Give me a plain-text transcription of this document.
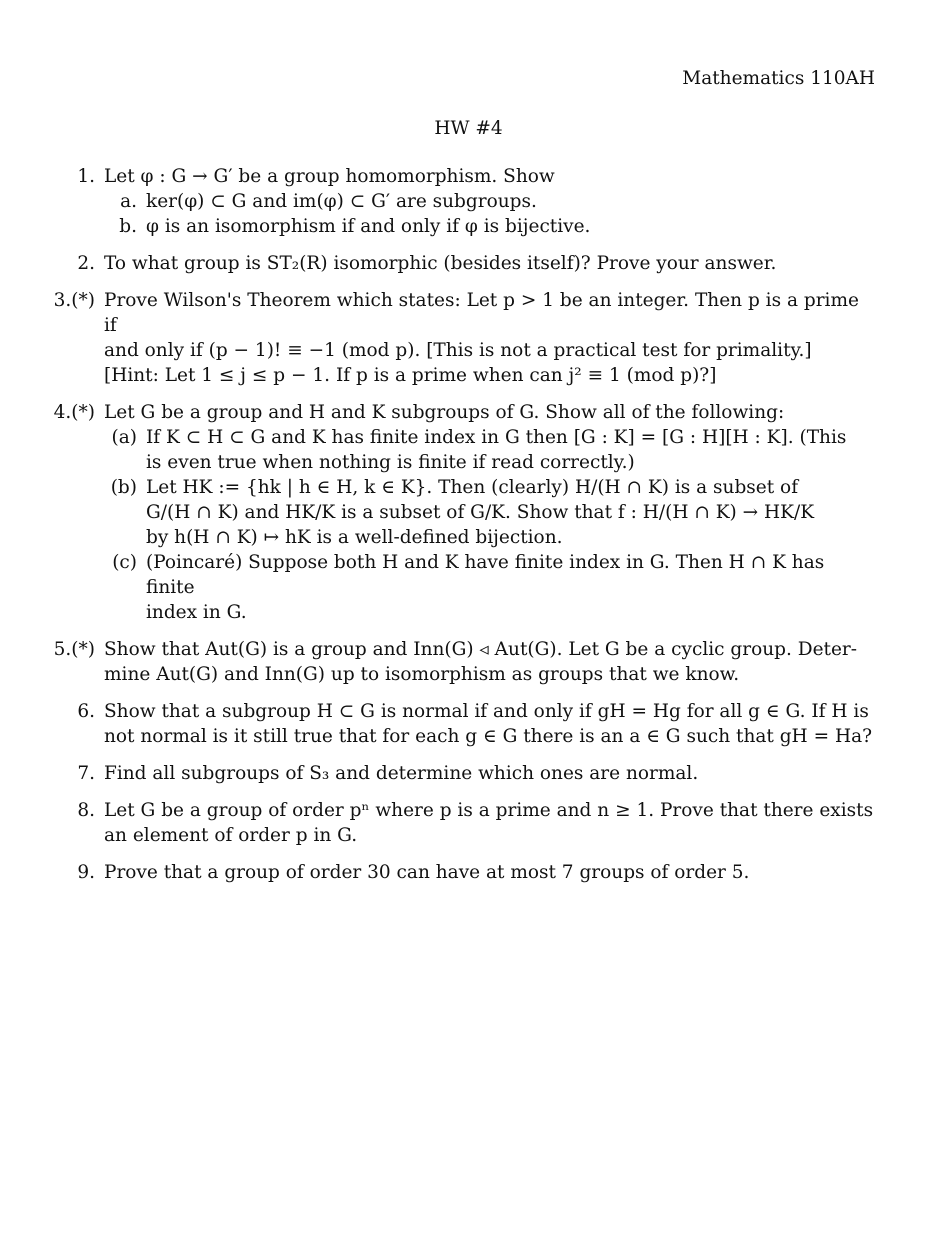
Mathematics 110AH
HW #4
1. Let φ : G → G′ be a group homomorphism. Show
a. ker(φ) ⊂ G and im(φ) ⊂ G′ are subgroups.
b. φ is an isomorphism if and only if φ is bijective.
2. To what group is ST₂(R) isomorphic (besides itself)? Prove your answer.
3.(*) Prove Wilson's Theorem which states: Let p > 1 be an integer. Then p is a prime if
and only if (p − 1)! ≡ −1 (mod p). [This is not a practical test for primality.]
[Hint: Let 1 ≤ j ≤ p − 1. If p is a prime when can j² ≡ 1 (mod p)?]
4.(*) Let G be a group and H and K subgroups of G. Show all of the following:
(a) If K ⊂ H ⊂ G and K has finite index in G then [G : K] = [G : H][H : K]. (This
is even true when nothing is finite if read correctly.)
(b) Let HK := {hk | h ∈ H, k ∈ K}. Then (clearly) H/(H ∩ K) is a subset of
G/(H ∩ K) and HK/K is a subset of G/K. Show that f : H/(H ∩ K) → HK/K
by h(H ∩ K) ↦ hK is a well-defined bijection.
(c) (Poincaré) Suppose both H and K have finite index in G. Then H ∩ K has finite
index in G.
5.(*) Show that Aut(G) is a group and Inn(G) ◃ Aut(G). Let G be a cyclic group. Deter-
mine Aut(G) and Inn(G) up to isomorphism as groups that we know.
6. Show that a subgroup H ⊂ G is normal if and only if gH = Hg for all g ∈ G. If H is
not normal is it still true that for each g ∈ G there is an a ∈ G such that gH = Ha?
7. Find all subgroups of S₃ and determine which ones are normal.
8. Let G be a group of order pⁿ where p is a prime and n ≥ 1. Prove that there exists
an element of order p in G.
9. Prove that a group of order 30 can have at most 7 groups of order 5.
